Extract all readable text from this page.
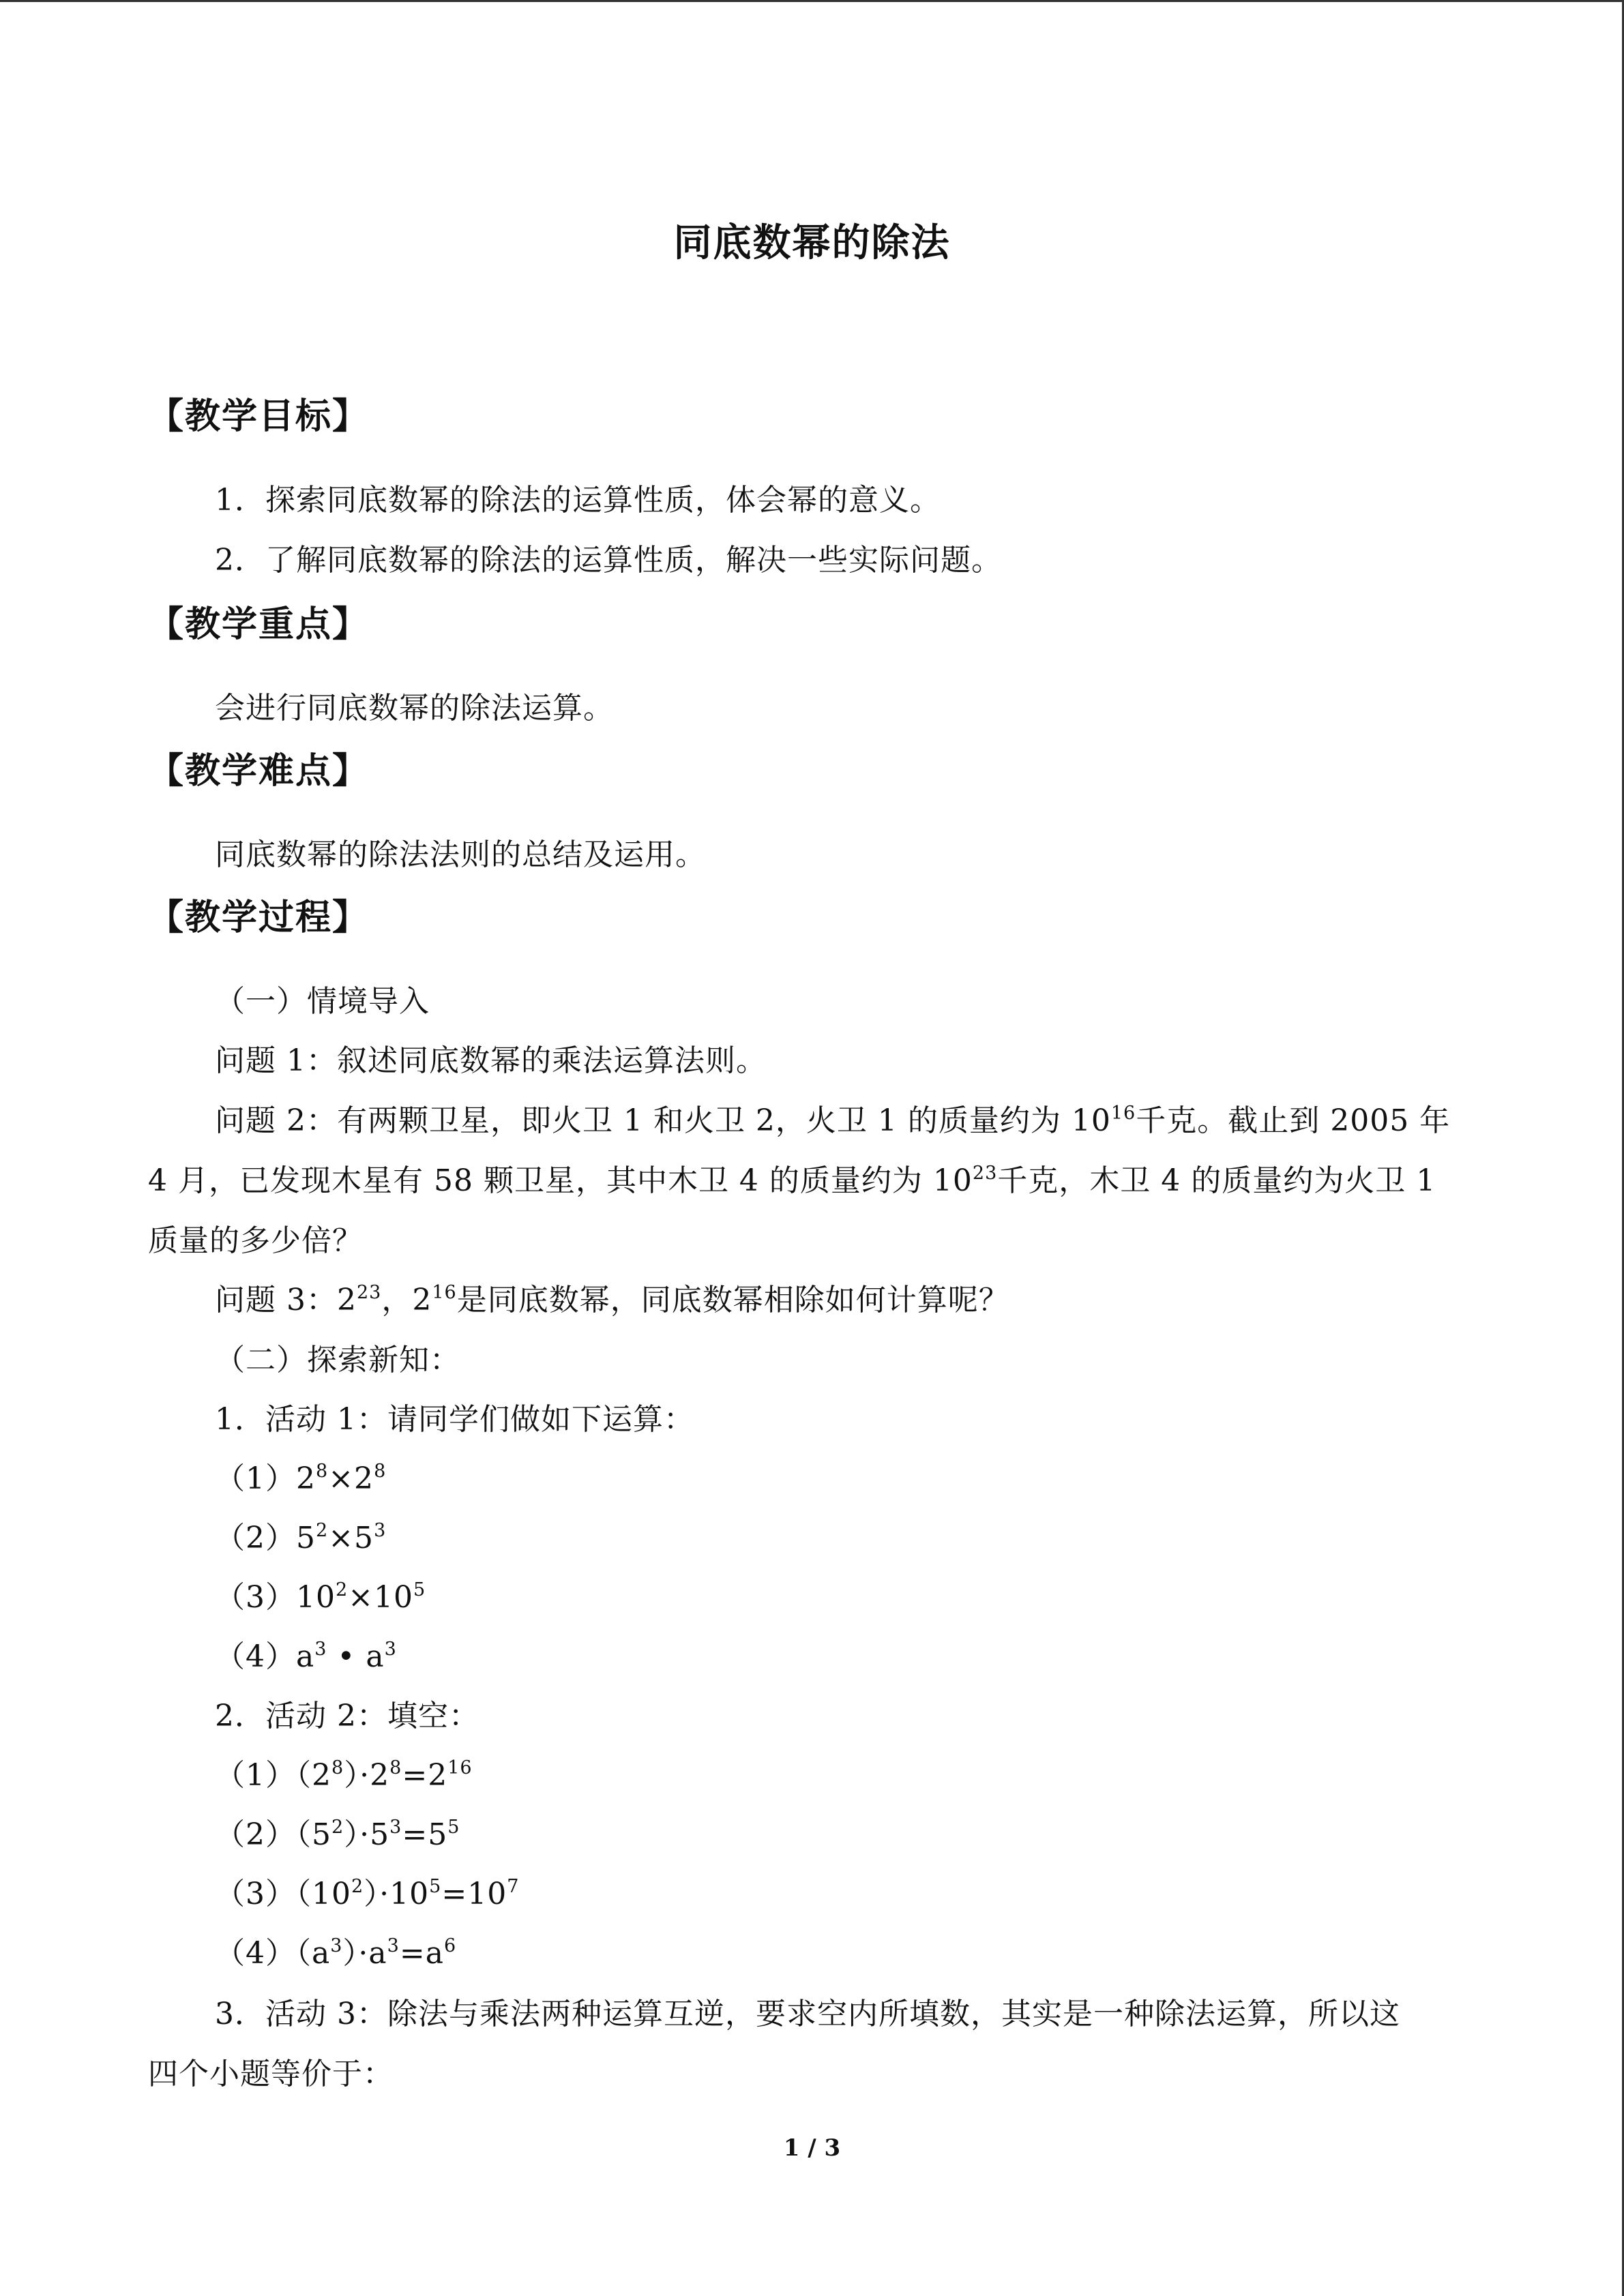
同底数幂的除法
【教学目标】
1．探索同底数幂的除法的运算性质，体会幂的意义。
2．了解同底数幂的除法的运算性质，解决一些实际问题。
【教学重点】
会进行同底数幂的除法运算。
【教学难点】
同底数幂的除法法则的总结及运用。
【教学过程】
（一）情境导入
问题 1：叙述同底数幂的乘法运算法则。
问题 2：有两颗卫星，即火卫 1 和火卫 2，火卫 1 的质量约为 $10^{16}$千克。截止到 2005 年
4 月，已发现木星有 58 颗卫星，其中木卫 4 的质量约为 $10^{23}$千克，木卫 4 的质量约为火卫 1
质量的多少倍？
问题 3：$2^{23}$，$2^{16}$是同底数幂，同底数幂相除如何计算呢？
（二）探索新知：
1．活动 1：请同学们做如下运算：
$(1)2^8\times 2^8$
$(2)5^2\times 5^3$
$(3)10^2\times 10^5$
$(4)a^3$ • $a^3$
2．活动 2：填空：
$(1)(2^8)\cdot 2^8=2^{16}$
$(2)(5^2)\cdot 5^3=5^5$
$(3)(10^2)\cdot 10^5=10^7$
$(4)(a^3)\cdot a^3=a^6$
3．活动 3：除法与乘法两种运算互逆，要求空内所填数，其实是一种除法运算，所以这
四个小题等价于：
1 / 3
